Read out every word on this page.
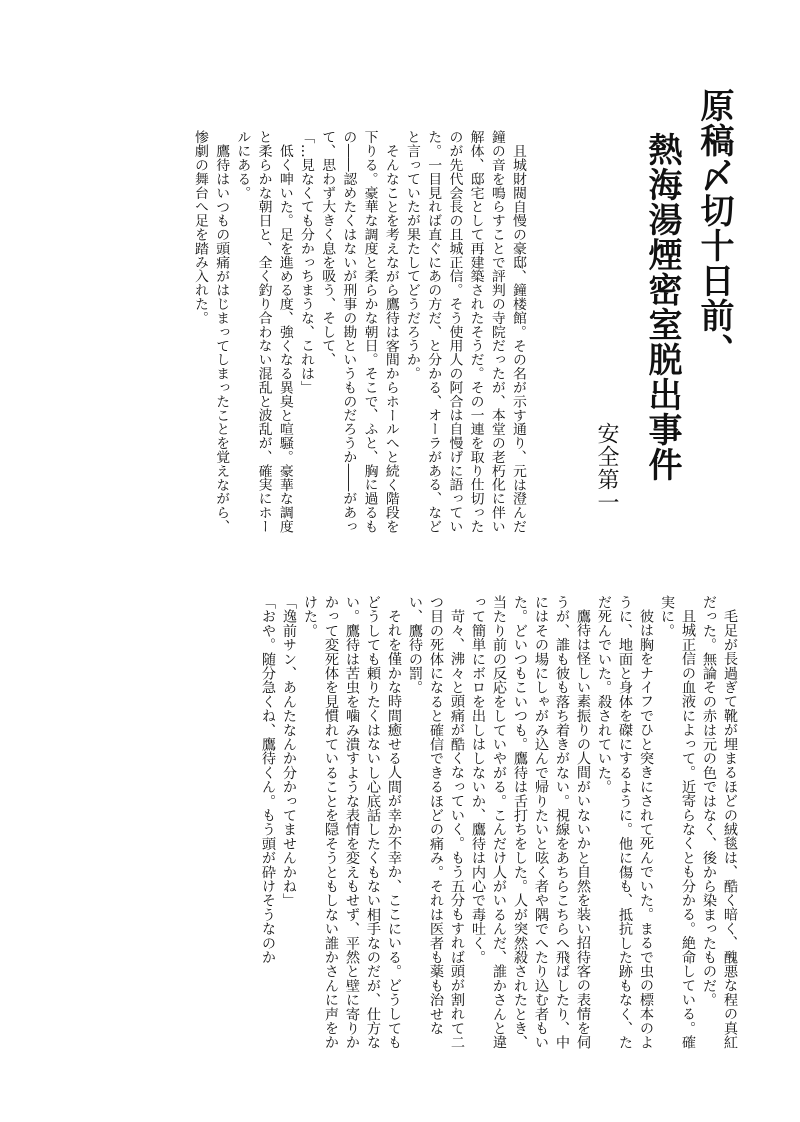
原稿〆切十日前、
熱海湯煙密室脱出事件
安全第一
且城財閥自慢の豪邸、鐘楼館。その名が示す通り、元は澄んだ鐘の音を鳴らすことで評判の寺院だったが、本堂の老朽化に伴い解体、邸宅として再建築されたそうだ。その一連を取り仕切ったのが先代会長の且城正信。そう使用人の阿合は自慢げに語っていた。一目見れば直ぐにあの方だ、と分かる、オーラがある、などと言っていたが果たしてどうだろうか。
そんなことを考えながら鷹待は客間からホールへと続く階段を下りる。豪華な調度と柔らかな朝日。そこで、ふと、胸に過るもの――認めたくはないが刑事の勘というものだろうか――があって、思わず大きく息を吸う、そして、
「…見なくても分かっちまうな、これは」
低く呻いた。足を進める度、強くなる異臭と喧騒。豪華な調度と柔らかな朝日と、全く釣り合わない混乱と波乱が、確実にホールにある。
鷹待はいつもの頭痛がはじまってしまったことを覚えながら、惨劇の舞台へ足を踏み入れた。
毛足が長過ぎて靴が埋まるほどの絨毯は、酷く暗く、醜悪な程の真紅だった。無論その赤は元の色ではなく、後から染まったものだ。
且城正信の血液によって。近寄らなくとも分かる。絶命している。確実に。
彼は胸をナイフでひと突きにされて死んでいた。まるで虫の標本のように、地面と身体を磔にするように。他に傷も、抵抗した跡もなく、ただ死んでいた。殺されていた。
鷹待は怪しい素振りの人間がいないかと自然を装い招待客の表情を伺うが、誰も彼も落ち着きがない。視線をあちらこちらへ飛ばしたり、中にはその場にしゃがみ込んで帰りたいと呟く者や隅でへたり込む者もいた。どいつもこいつも。鷹待は舌打ちをした。人が突然殺されたとき、当たり前の反応をしていやがる。こんだけ人がいるんだ、誰かさんと違って簡単にボロを出しはしないか、鷹待は内心で毒吐く。
苛々、沸々と頭痛が酷くなっていく。もう五分もすれば頭が割れて二つ目の死体になると確信できるほどの痛み。それは医者も薬も治せない、鷹待の罰。
それを僅かな時間癒せる人間が幸か不幸か、ここにいる。どうしてもどうしても頼りたくはないし心底話したくもない相手なのだが、仕方ない。鷹待は苦虫を噛み潰すような表情を変えもせず、平然と壁に寄りかかって変死体を見慣れていることを隠そうともしない誰かさんに声をかけた。
「逸前サン、あんたなんか分かってませんかね」
「おや。随分急くね、鷹待くん。もう頭が砕けそうなのか
